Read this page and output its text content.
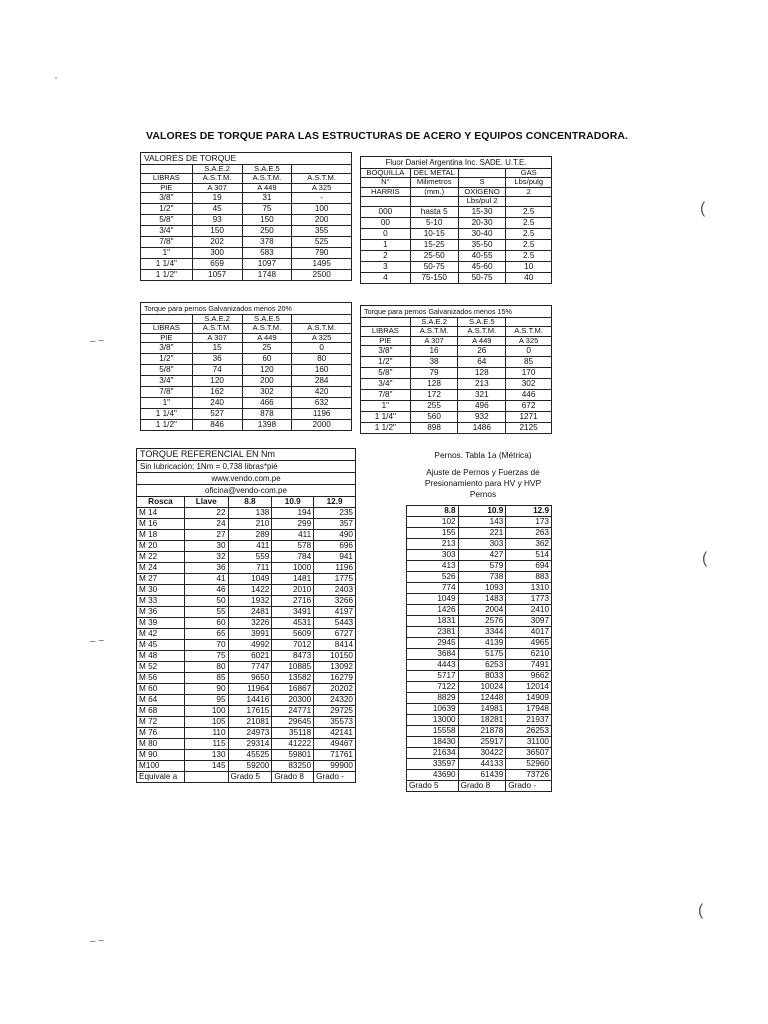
·
– ~
– ~
– ~
(
(
(
VALORES DE TORQUE PARA LAS ESTRUCTURAS DE ACERO Y EQUIPOS CONCENTRADORA.
VALORES DE TORQUE
	S.A.E.2	S.A.E.5	
LIBRAS	A.S.T.M.	A.S.T.M.	A.S.T.M.
PIE	A 307	A 449	A 325
3/8"	19	31	-
1/2"	45	75	100
5/8"	93	150	200
3/4"	150	250	355
7/8"	202	378	525
1"	300	583	790
1 1/4"	659	1097	1495
1 1/2"	1057	1748	2500
Fluor Daniel Argentina Inc. SADE. U.T.E.
BOQUILLA	DEL METAL		GAS
N°	Milimetros	S	Lbs/pulg
HARRIS	(mm.)	OXIGENO	2
		Lbs/pul 2	
000	hasta 5	15-30	2.5
00	5-10	20-30	2.5
0	10-15	30-40	2.5
1	15-25	35-50	2.5
2	25-50	40-55	2.5
3	50-75	45-60	10
4	75-150	50-75	40
Torque para pernos Galvanizados menos 20%
	S.A.E.2	S.A.E.5	
LIBRAS	A.S.T.M.	A.S.T.M.	A.S.T.M.
PIE	A 307	A 449	A 325
3/8"	15	25	0
1/2"	36	60	80
5/8"	74	120	160
3/4"	120	200	284
7/8"	162	302	420
1"	240	466	632
1 1/4"	527	878	1196
1 1/2"	846	1398	2000
Torque para pernos Galvanizados menos 15%
	S.A.E.2	S.A.E.5	
LIBRAS	A.S.T.M.	A.S.T.M.	A.S.T.M.
PIE	A 307	A 449	A 325
3/8"	16	26	0
1/2"	38	64	85
5/8"	79	128	170
3/4"	128	213	302
7/8"	172	321	446
1"	255	496	672
1 1/4"	560	932	1271
1 1/2"	898	1486	2125
TORQUE REFERENCIAL EN Nm
Sin lubricación; 1Nm = 0,738 libras*pié
www.vendo.com.pe
oficina@vendo-com.pe
Rosca	Llave	8.8	10.9	12.9
M 14	22	138	194	235
M 16	24	210	299	357
M 18	27	289	411	490
M 20	30	411	578	696
M 22	32	559	784	941
M 24	36	711	1000	1196
M 27	41	1049	1481	1775
M 30	46	1422	2010	2403
M 33	50	1932	2716	3266
M 36	55	2481	3491	4197
M 39	60	3226	4531	5443
M 42	65	3991	5609	6727
M 45	70	4992	7012	8414
M 48	75	6021	8473	10150
M 52	80	7747	10885	13092
M 56	85	9650	13582	16279
M 60	90	11964	16867	20202
M 64	95	14416	20300	24320
M 68	100	17615	24771	29725
M 72	105	21081	29645	35573
M 76	110	24973	35118	42141
M 80	115	29314	41222	49467
M 90	130	45525	59801	71761
M100	145	59200	83250	99900
Equivale a		Grado 5	Grado 8	Grado -
Pernos. Tabla 1a (Métrica)
Ajuste de Pernos y Fuerzas de
Presionamiento para HV y HVP
Pernos
8.8	10.9	12.9
102	143	173
155	221	263
213	303	362
303	427	514
413	579	694
526	738	883
774	1093	1310
1049	1483	1773
1426	2004	2410
1831	2576	3097
2381	3344	4017
2945	4139	4965
3684	5175	6210
4443	6253	7491
5717	8033	9662
7122	10024	12014
8829	12448	14909
10639	14981	17948
13000	18281	21937
15558	21878	26253
18430	25917	31100
21634	30422	36507
33597	44133	52960
43690	61439	73726
Grado 5	Grado 8	Grado -
